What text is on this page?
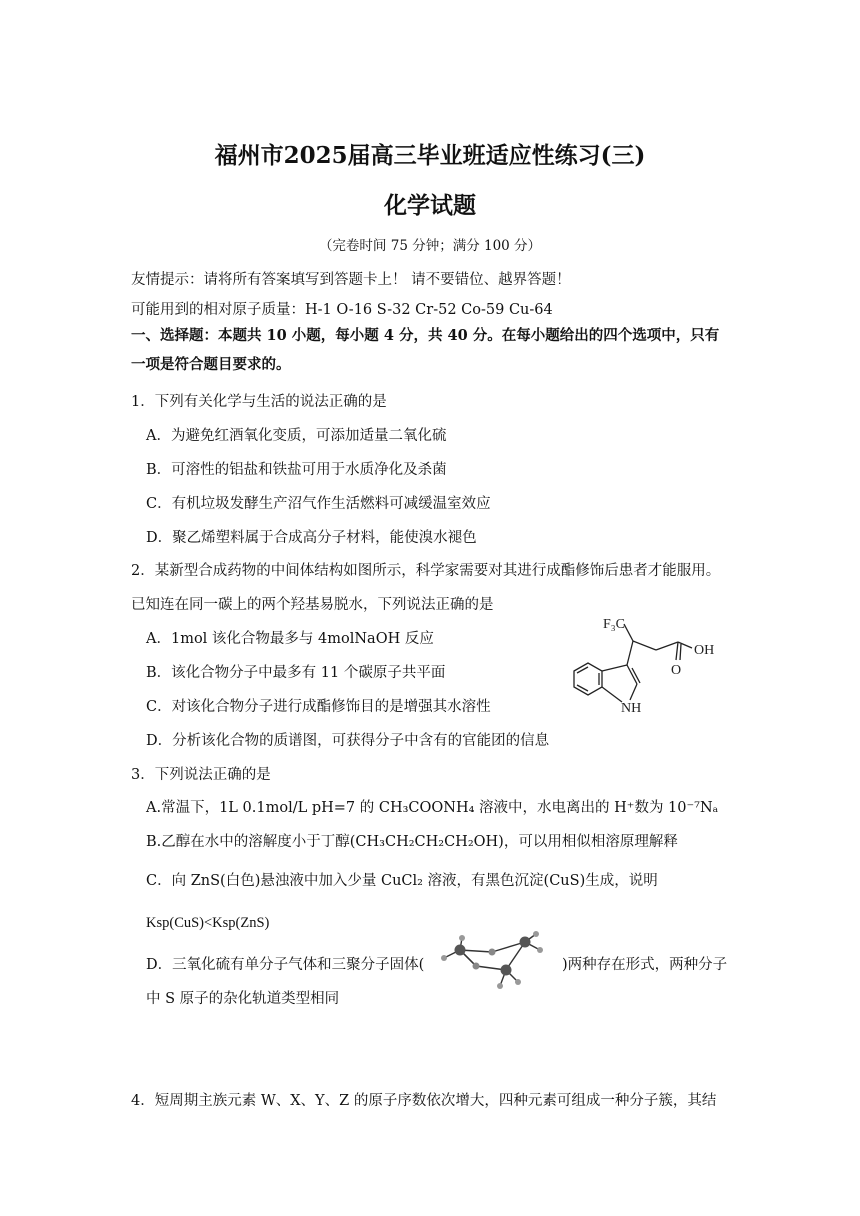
福州市2025届高三毕业班适应性练习(三)
化学试题
（完卷时间 75 分钟；满分 100 分）
友情提示：请将所有答案填写到答题卡上！ 请不要错位、越界答题！
可能用到的相对原子质量：H-1 O-16 S-32 Cr-52 Co-59 Cu-64
一、选择题：本题共 10 小题，每小题 4 分，共 40 分。在每小题给出的四个选项中，只有
一项是符合题目要求的。
1．下列有关化学与生活的说法正确的是
A．为避免红酒氧化变质，可添加适量二氧化硫
B．可溶性的铝盐和铁盐可用于水质净化及杀菌
C．有机垃圾发酵生产沼气作生活燃料可减缓温室效应
D．聚乙烯塑料属于合成高分子材料，能使溴水褪色
2．某新型合成药物的中间体结构如图所示，科学家需要对其进行成酯修饰后患者才能服用。
已知连在同一碳上的两个羟基易脱水，下列说法正确的是
A．1mol 该化合物最多与 4molNaOH 反应
B．该化合物分子中最多有 11 个碳原子共平面
C．对该化合物分子进行成酯修饰目的是增强其水溶性
D．分析该化合物的质谱图，可获得分子中含有的官能团的信息
F₃C
OH
O
NH
3．下列说法正确的是
A.常温下，1L 0.1mol/L pH=7 的 CH₃COONH₄ 溶液中，水电离出的 H⁺数为 10⁻⁷Nₐ
B.乙醇在水中的溶解度小于丁醇(CH₃CH₂CH₂CH₂OH)，可以用相似相溶原理解释
C．向 ZnS(白色)悬浊液中加入少量 CuCl₂ 溶液，有黑色沉淀(CuS)生成，说明
Ksp(CuS)<Ksp(ZnS)
D．三氧化硫有单分子气体和三聚分子固体(	)两种存在形式，两种分子
中 S 原子的杂化轨道类型相同
4．短周期主族元素 W、X、Y、Z 的原子序数依次增大，四种元素可组成一种分子簇，其结
